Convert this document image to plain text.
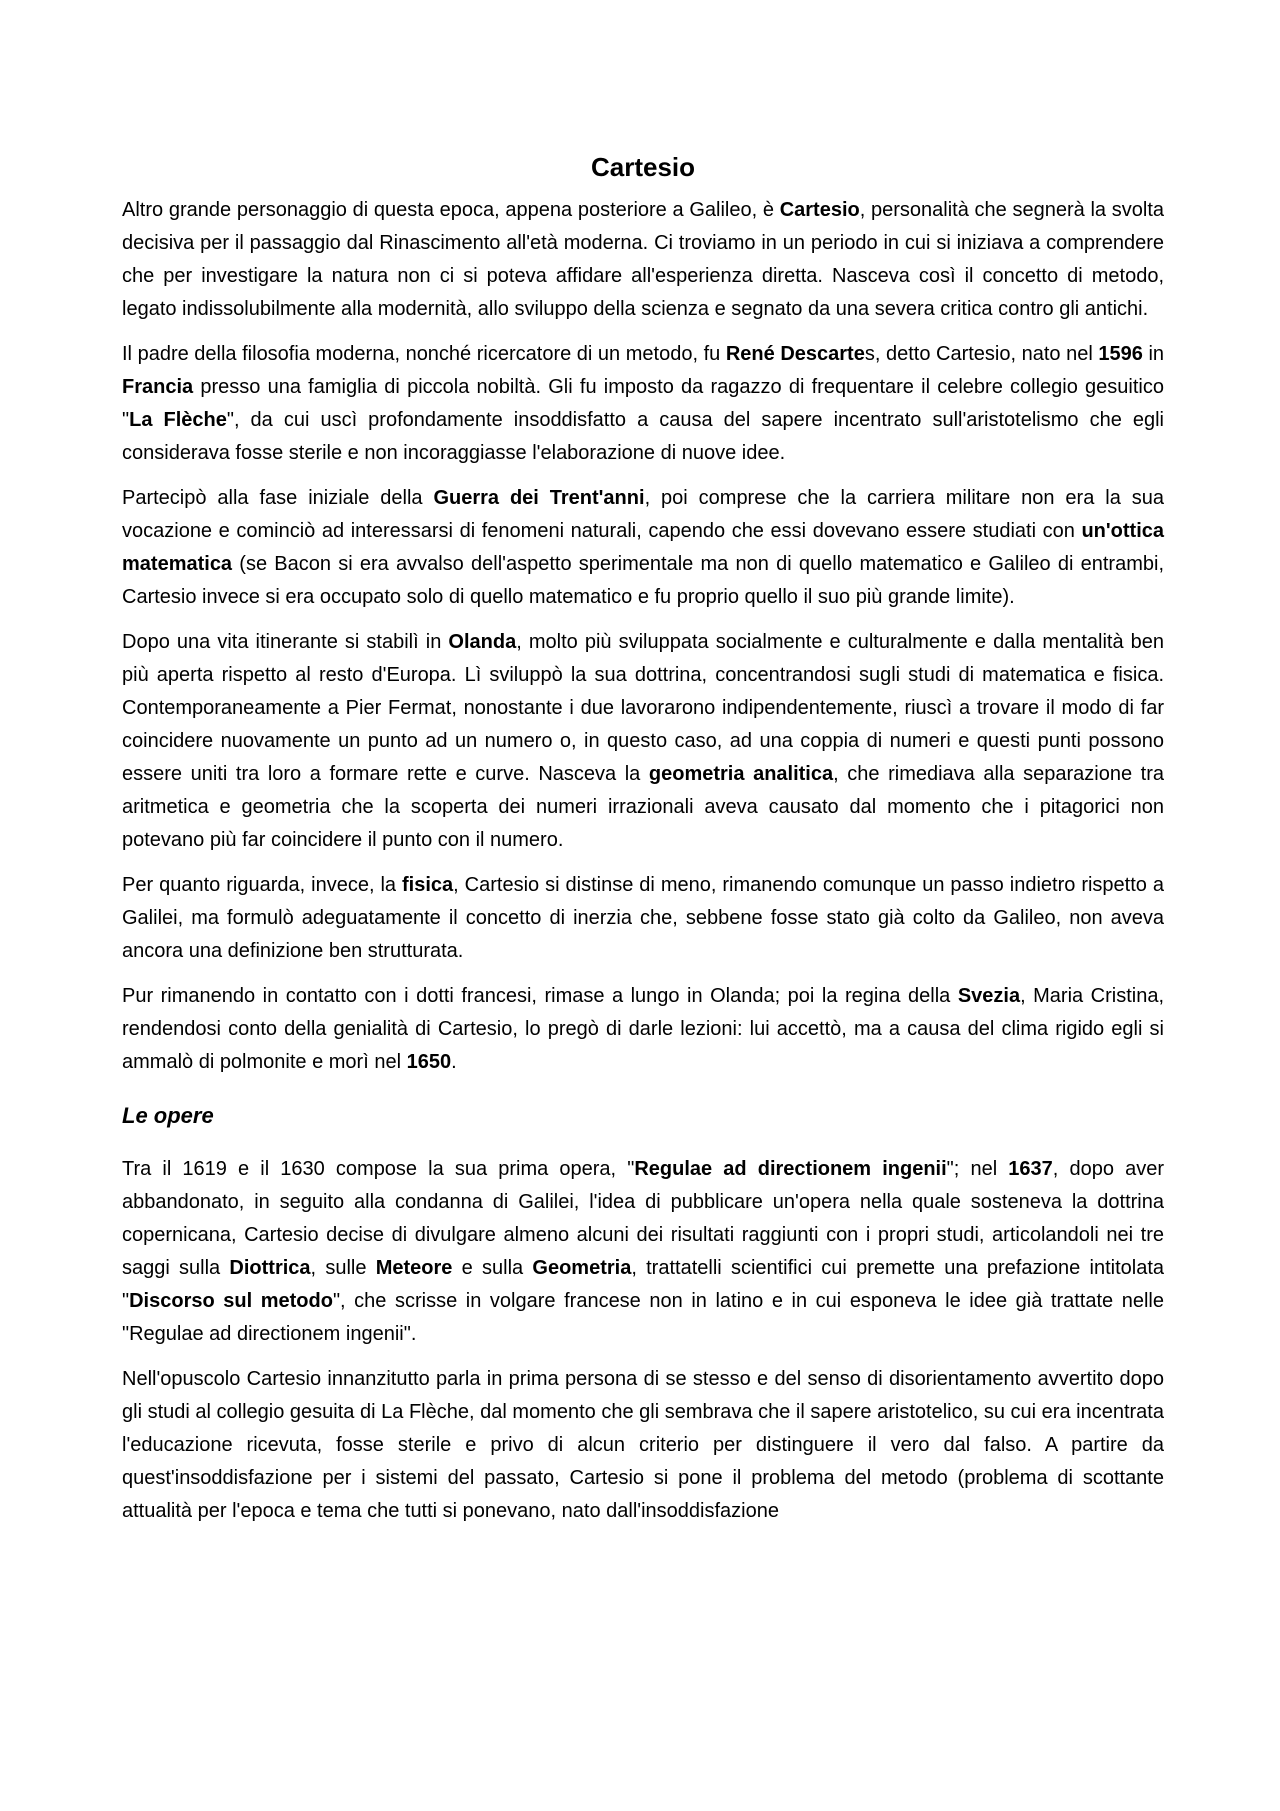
Cartesio

Altro grande personaggio di questa epoca, appena posteriore a Galileo, è Cartesio, personalità che segnerà la svolta decisiva per il passaggio dal Rinascimento all'età moderna. Ci troviamo in un periodo in cui si iniziava a comprendere che per investigare la natura non ci si poteva affidare all'esperienza diretta. Nasceva così il concetto di metodo, legato indissolubilmente alla modernità, allo sviluppo della scienza e segnato da una severa critica contro gli antichi.

Il padre della filosofia moderna, nonché ricercatore di un metodo, fu René Descartes, detto Cartesio, nato nel 1596 in Francia presso una famiglia di piccola nobiltà. Gli fu imposto da ragazzo di frequentare il celebre collegio gesuitico "La Flèche", da cui uscì profondamente insoddisfatto a causa del sapere incentrato sull'aristotelismo che egli considerava fosse sterile e non incoraggiasse l'elaborazione di nuove idee.

Partecipò alla fase iniziale della Guerra dei Trent'anni, poi comprese che la carriera militare non era la sua vocazione e cominciò ad interessarsi di fenomeni naturali, capendo che essi dovevano essere studiati con un'ottica matematica (se Bacon si era avvalso dell'aspetto sperimentale ma non di quello matematico e Galileo di entrambi, Cartesio invece si era occupato solo di quello matematico e fu proprio quello il suo più grande limite).

Dopo una vita itinerante si stabilì in Olanda, molto più sviluppata socialmente e culturalmente e dalla mentalità ben più aperta rispetto al resto d'Europa. Lì sviluppò la sua dottrina, concentrandosi sugli studi di matematica e fisica. Contemporaneamente a Pier Fermat, nonostante i due lavorarono indipendentemente, riuscì a trovare il modo di far coincidere nuovamente un punto ad un numero o, in questo caso, ad una coppia di numeri e questi punti possono essere uniti tra loro a formare rette e curve. Nasceva la geometria analitica, che rimediava alla separazione tra aritmetica e geometria che la scoperta dei numeri irrazionali aveva causato dal momento che i pitagorici non potevano più far coincidere il punto con il numero.

Per quanto riguarda, invece, la fisica, Cartesio si distinse di meno, rimanendo comunque un passo indietro rispetto a Galilei, ma formulò adeguatamente il concetto di inerzia che, sebbene fosse stato già colto da Galileo, non aveva ancora una definizione ben strutturata.

Pur rimanendo in contatto con i dotti francesi, rimase a lungo in Olanda; poi la regina della Svezia, Maria Cristina, rendendosi conto della genialità di Cartesio, lo pregò di darle lezioni: lui accettò, ma a causa del clima rigido egli si ammalò di polmonite e morì nel 1650.

Le opere

Tra il 1619 e il 1630 compose la sua prima opera, "Regulae ad directionem ingenii"; nel 1637, dopo aver abbandonato, in seguito alla condanna di Galilei, l'idea di pubblicare un'opera nella quale sosteneva la dottrina copernicana, Cartesio decise di divulgare almeno alcuni dei risultati raggiunti con i propri studi, articolandoli nei tre saggi sulla Diottrica, sulle Meteore e sulla Geometria, trattatelli scientifici cui premette una prefazione intitolata "Discorso sul metodo", che scrisse in volgare francese non in latino e in cui esponeva le idee già trattate nelle "Regulae ad directionem ingenii".

Nell'opuscolo Cartesio innanzitutto parla in prima persona di se stesso e del senso di disorientamento avvertito dopo gli studi al collegio gesuita di La Flèche, dal momento che gli sembrava che il sapere aristotelico, su cui era incentrata l'educazione ricevuta, fosse sterile e privo di alcun criterio per distinguere il vero dal falso. A partire da quest'insoddisfazione per i sistemi del passato, Cartesio si pone il problema del metodo (problema di scottante attualità per l'epoca e tema che tutti si ponevano, nato dall'insoddisfazione
